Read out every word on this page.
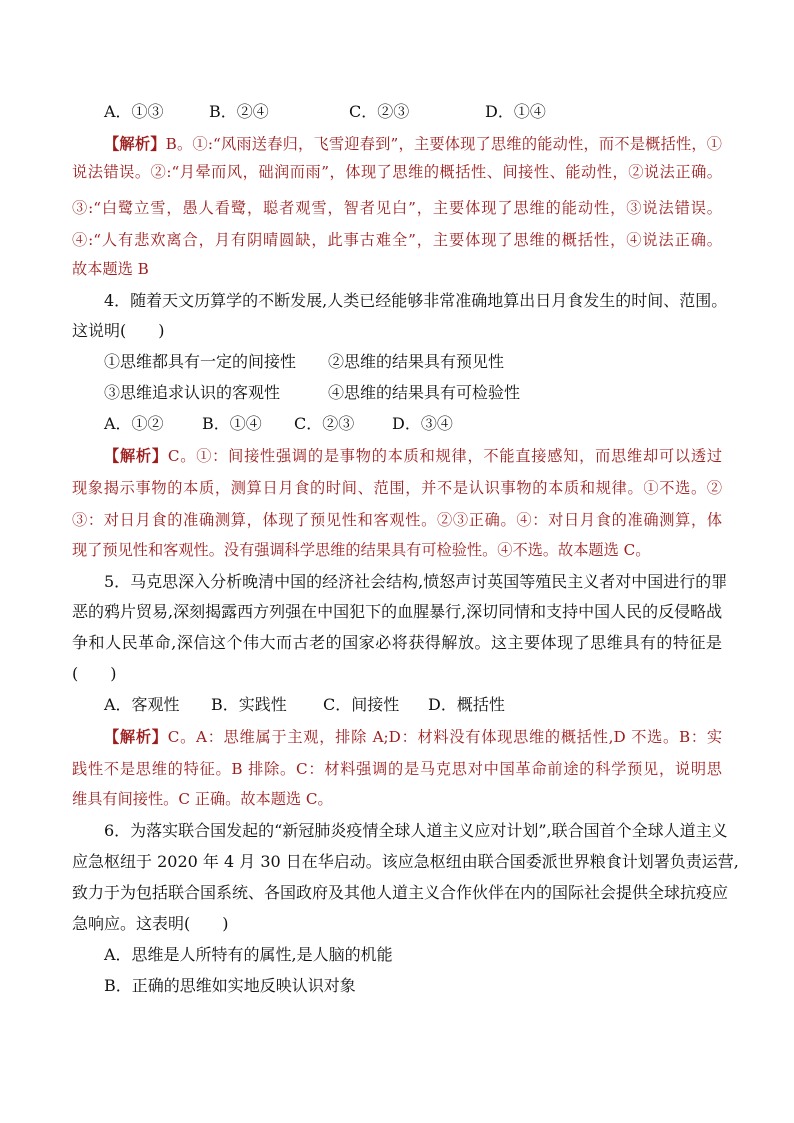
A．①③	B．②④	C．②③	D．①④
【解析】B。①:“风雨送春归，飞雪迎春到”，主要体现了思维的能动性，而不是概括性，①
说法错误。②:“月晕而风，础润而雨”，体现了思维的概括性、间接性、能动性，②说法正确。
③:“白鹭立雪，愚人看鹭，聪者观雪，智者见白”，主要体现了思维的能动性，③说法错误。
④:“人有悲欢离合，月有阴晴圆缺，此事古难全”，主要体现了思维的概括性，④说法正确。
故本题选 B
4．随着天文历算学的不断发展,人类已经能够非常准确地算出日月食发生的时间、范围。
这说明(　　)
①思维都具有一定的间接性　　②思维的结果具有预见性
③思维追求认识的客观性　　　④思维的结果具有可检验性
A．①② B．①④ C．②③ D．③④
【解析】C。①：间接性强调的是事物的本质和规律，不能直接感知，而思维却可以透过
现象揭示事物的本质，测算日月食的时间、范围，并不是认识事物的本质和规律。①不选。②
③：对日月食的准确测算，体现了预见性和客观性。②③正确。④：对日月食的准确测算，体
现了预见性和客观性。没有强调科学思维的结果具有可检验性。④不选。故本题选 C。
5．马克思深入分析晚清中国的经济社会结构,愤怒声讨英国等殖民主义者对中国进行的罪
恶的鸦片贸易,深刻揭露西方列强在中国犯下的血腥暴行,深切同情和支持中国人民的反侵略战
争和人民革命,深信这个伟大而古老的国家必将获得解放。这主要体现了思维具有的特征是
(　　)
A．客观性 B．实践性 C．间接性 D．概括性
【解析】C。A：思维属于主观，排除 A;D：材料没有体现思维的概括性,D 不选。B：实
践性不是思维的特征。B 排除。C：材料强调的是马克思对中国革命前途的科学预见，说明思
维具有间接性。C 正确。故本题选 C。
6．为落实联合国发起的“新冠肺炎疫情全球人道主义应对计划”,联合国首个全球人道主义
应急枢纽于 2020 年 4 月 30 日在华启动。该应急枢纽由联合国委派世界粮食计划署负责运营,
致力于为包括联合国系统、各国政府及其他人道主义合作伙伴在内的国际社会提供全球抗疫应
急响应。这表明(　　)
A．思维是人所特有的属性,是人脑的机能
B．正确的思维如实地反映认识对象
